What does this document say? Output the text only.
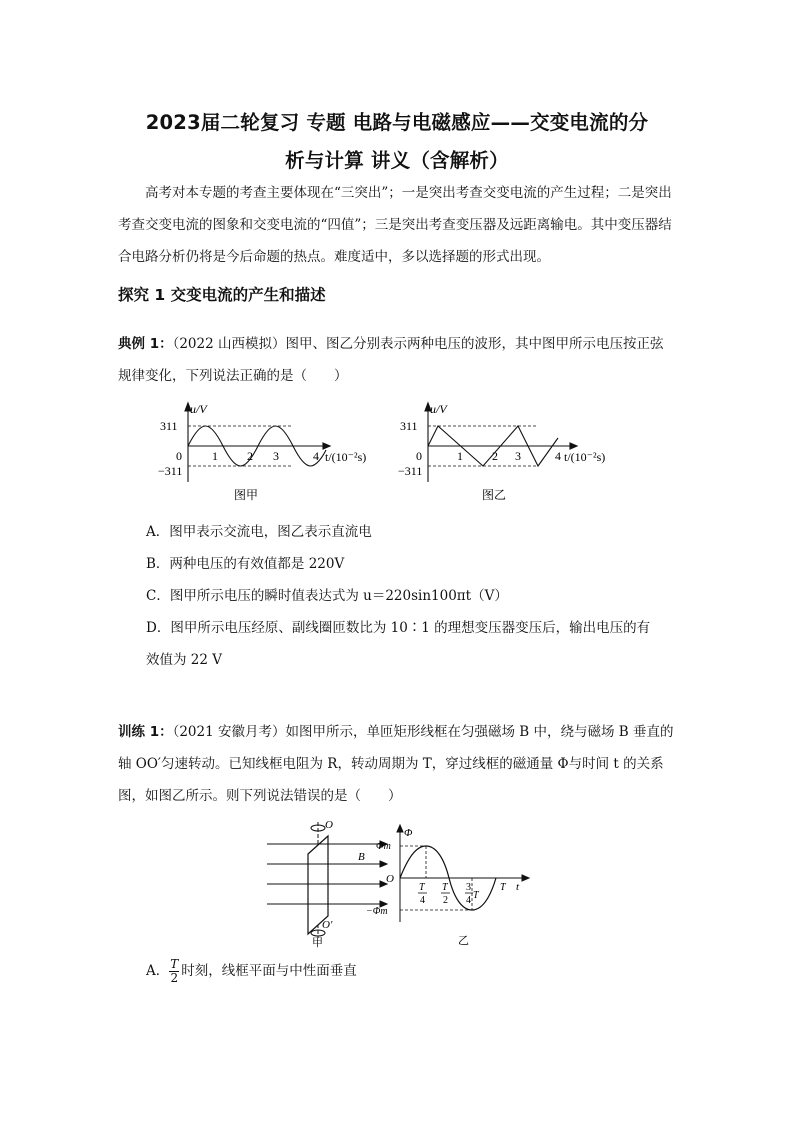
2023届二轮复习 专题 电路与电磁感应——交变电流的分
析与计算 讲义（含解析）
高考对本专题的考查主要体现在“三突出”；一是突出考查交变电流的产生过程；二是突出考查交变电流的图象和交变电流的“四值”；三是突出考查变压器及远距离输电。其中变压器结合电路分析仍将是今后命题的热点。难度适中，多以选择题的形式出现。
探究 1 交变电流的产生和描述
典例 1：（2022 山西模拟）图甲、图乙分别表示两种电压的波形，其中图甲所示电压按正弦规律变化，下列说法正确的是（　　）
u/V
311
0
−311
1 2 3	4 t/(10⁻²s)
图甲
u/V
311
0
−311
1 2 3	4 t/(10⁻²s)
图乙
A．图甲表示交流电，图乙表示直流电
B．两种电压的有效值都是 220V
C．图甲所示电压的瞬时值表达式为 u＝220sin100πt（V）
D．图甲所示电压经原、副线圈匝数比为 10∶1 的理想变压器变压后，输出电压的有
效值为 22 V
训练 1：（2021 安徽月考）如图甲所示，单匝矩形线框在匀强磁场 B 中，绕与磁场 B 垂直的轴 OO′匀速转动。已知线框电阻为 R，转动周期为 T，穿过线框的磁通量 Φ与时间 t 的关系图，如图乙所示。则下列说法错误的是（　　）
O
O′
B
甲
Φ
Φm
O
−Φm
T
4
T
2
3
4 T
T t
乙
A． $\frac{T}{2}$ 时刻，线框平面与中性面垂直
